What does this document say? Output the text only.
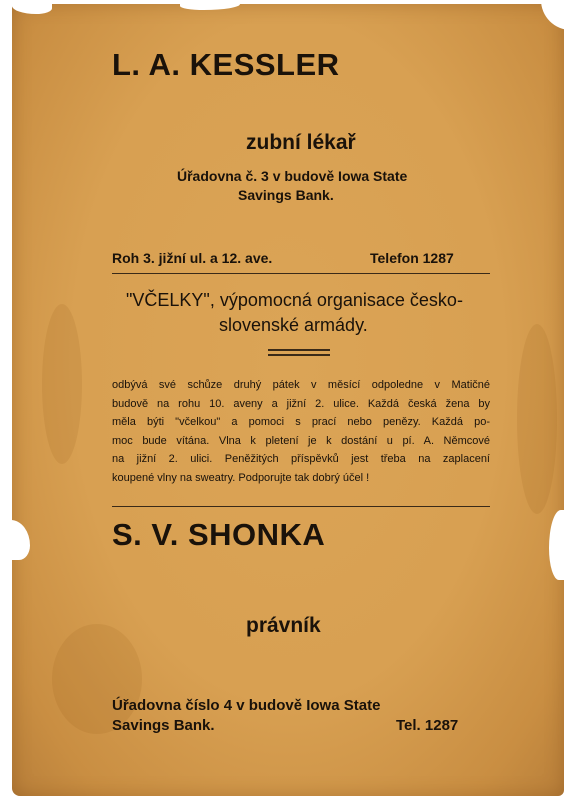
L. A. KESSLER
zubní lékař
Úřadovna č. 3 v budově Iowa State
Savings Bank.
Roh 3. jižní ul. a 12. ave.	Telefon 1287
"VČELKY", výpomocná organisace česko-
slovenské armády.
odbývá své schůze druhý pátek v měsící odpoledne v Matičné
budově na rohu 10. aveny a jižní 2. ulice. Každá česká žena by
měla býti "včelkou" a pomoci s prací nebo penězy. Každá po-
moc bude vítána. Vlna k pletení je k dostání u pí. A. Němcové
na jižní 2. ulici. Peněžitých příspěvků jest třeba na zaplacení
koupené vlny na sweatry. Podporujte tak dobrý účel !
S. V. SHONKA
právník
Úřadovna číslo 4 v budově Iowa State
Savings Bank.	Tel. 1287
